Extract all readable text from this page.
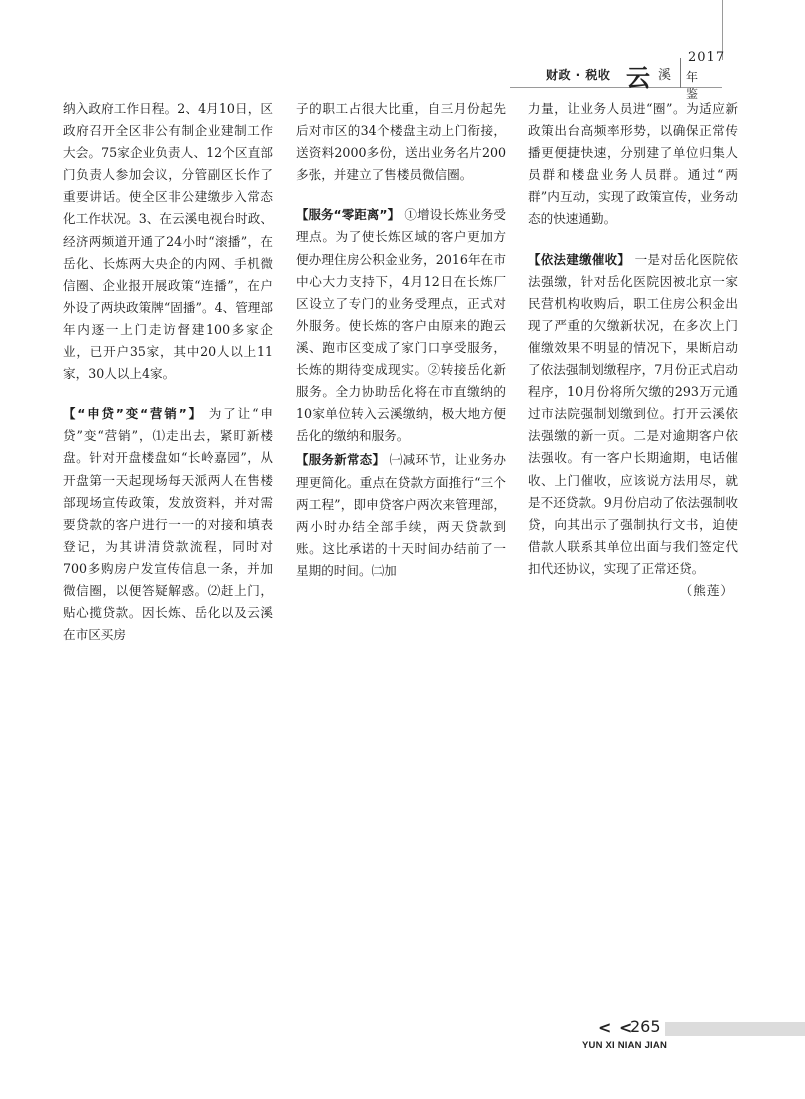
财政 · 税收 云 溪
2017
年 鉴

纳入政府工作日程。2、4月10日，区政府召开全区非公有制企业建制工作大会。75家企业负责人、12个区直部门负责人参加会议，分管副区长作了重要讲话。使全区非公建缴步入常态化工作状况。3、在云溪电视台时政、经济两频道开通了24小时“滚播”，在岳化、长炼两大央企的内网、手机微信圈、企业报开展政策“连播”，在户外设了两块政策牌“固播”。4、管理部年内逐一上门走访督建100多家企业，已开户35家，其中20人以上11家，30人以上4家。

【“申贷”变“营销”】 为了让“申贷”变“营销”，⑴走出去，紧盯新楼盘。针对开盘楼盘如“长岭嘉园”，从开盘第一天起现场每天派两人在售楼部现场宣传政策，发放资料，并对需要贷款的客户进行一一的对接和填表登记，为其讲清贷款流程，同时对700多购房户发宣传信息一条，并加微信圈，以便答疑解惑。⑵赶上门，贴心揽贷款。因长炼、岳化以及云溪在市区买房

子的职工占很大比重，自三月份起先后对市区的34个楼盘主动上门衔接，送资料2000多份，送出业务名片200多张，并建立了售楼员微信圈。

【服务“零距离”】 ①增设长炼业务受理点。为了使长炼区域的客户更加方便办理住房公积金业务，2016年在市中心大力支持下，4月12日在长炼厂区设立了专门的业务受理点，正式对外服务。使长炼的客户由原来的跑云溪、跑市区变成了家门口享受服务，长炼的期待变成现实。②转接岳化新服务。全力协助岳化将在市直缴纳的10家单位转入云溪缴纳，极大地方便岳化的缴纳和服务。

【服务新常态】 ㈠减环节，让业务办理更简化。重点在贷款方面推行“三个两工程”，即申贷客户两次来管理部，两小时办结全部手续，两天贷款到账。这比承诺的十天时间办结前了一星期的时间。㈡加

力量，让业务人员进“圈”。为适应新政策出台高频率形势，以确保正常传播更便捷快速，分别建了单位归集人员群和楼盘业务人员群。通过“两群”内互动，实现了政策宣传，业务动态的快速通勤。

【依法建缴催收】 一是对岳化医院依法强缴，针对岳化医院因被北京一家民营机构收购后，职工住房公积金出现了严重的欠缴新状况，在多次上门催缴效果不明显的情况下，果断启动了依法强制划缴程序，7月份正式启动程序，10月份将所欠缴的293万元通过市法院强制划缴到位。打开云溪依法强缴的新一页。二是对逾期客户依法强收。有一客户长期逾期，电话催收、上门催收，应该说方法用尽，就是不还贷款。9月份启动了依法强制收贷，向其出示了强制执行文书，迫使借款人联系其单位出面与我们签定代扣代还协议，实现了正常还贷。

（熊莲）

< <
265
YUN XI NIAN JIAN
